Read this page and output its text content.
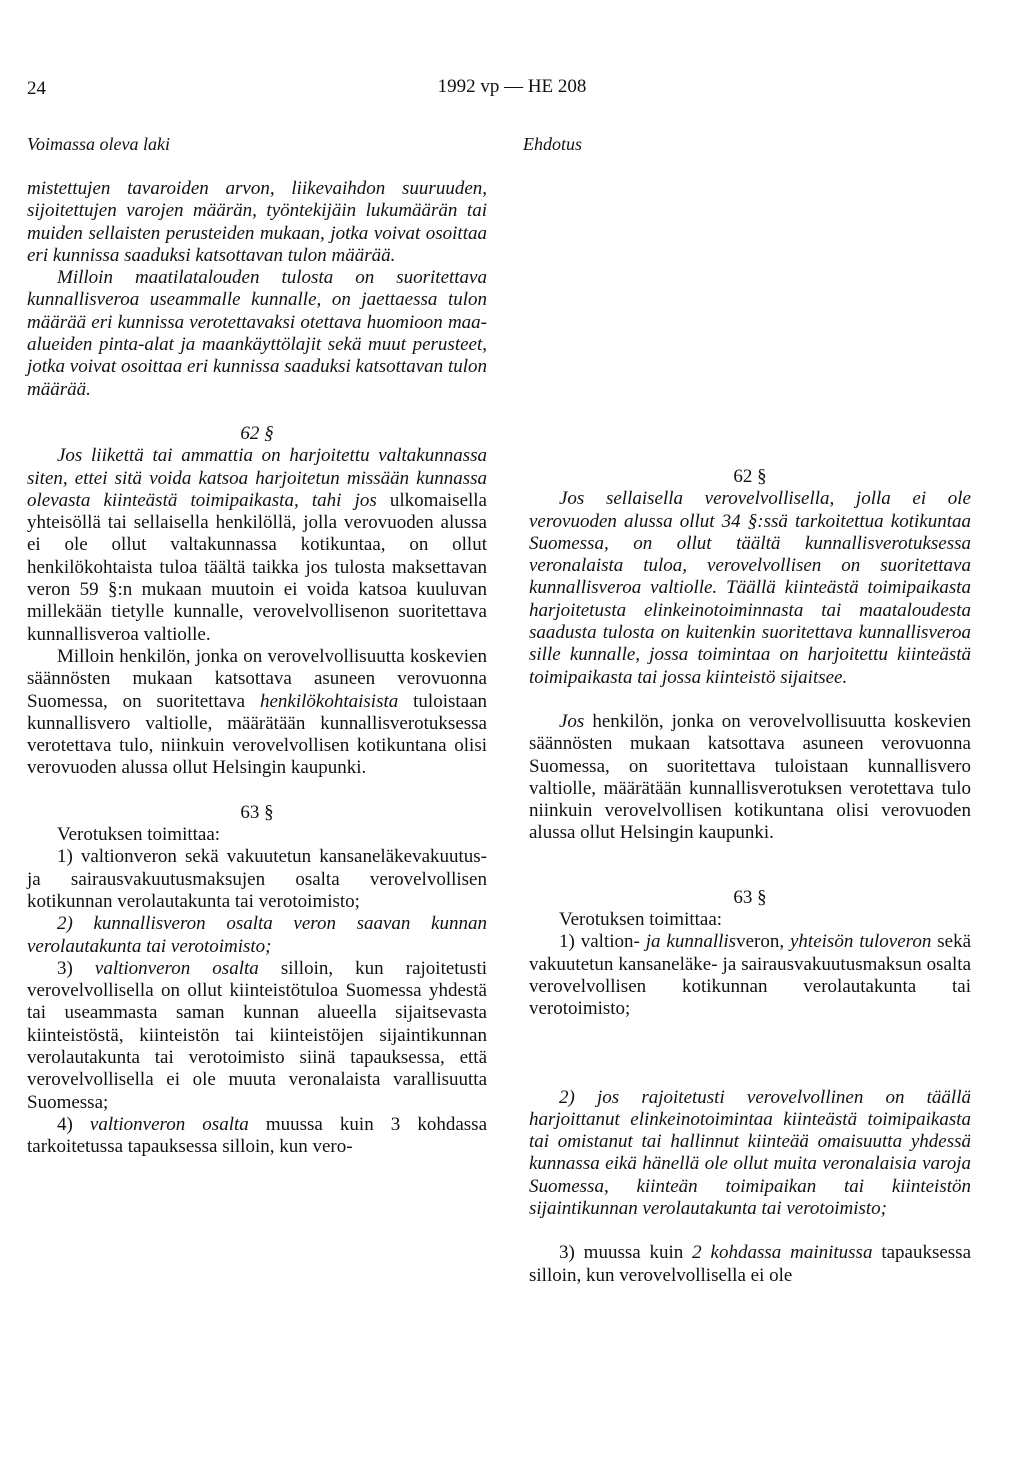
24	1992 vp — HE 208
Voimassa oleva laki	Ehdotus

mistettujen tavaroiden arvon, liikevaihdon suuruuden, sijoitettujen varojen määrän, työntekijäin lukumäärän tai muiden sellaisten perusteiden mukaan, jotka voivat osoittaa eri kunnissa saaduksi katsottavan tulon määrää.

Milloin maatilatalouden tulosta on suoritettava kunnallisveroa useammalle kunnalle, on jaettaessa tulon määrää eri kunnissa verotettavaksi otettava huomioon maa-alueiden pinta-alat ja maankäyttölajit sekä muut perusteet, jotka voivat osoittaa eri kunnissa saaduksi katsottavan tulon määrää.

62 §

Jos liikettä tai ammattia on harjoitettu valtakunnassa siten, ettei sitä voida katsoa harjoitetun missään kunnassa olevasta kiinteästä toimipaikasta, tahi jos ulkomaisella yhteisöllä tai sellaisella henkilöllä, jolla verovuoden alussa ei ole ollut valtakunnassa kotikuntaa, on ollut henkilökohtaista tuloa täältä taikka jos tulosta maksettavan veron 59 §:n mukaan muutoin ei voida katsoa kuuluvan millekään tietylle kunnalle, verovelvollisenon suoritettava kunnallisveroa valtiolle.

Milloin henkilön, jonka on verovelvollisuutta koskevien säännösten mukaan katsottava asuneen verovuonna Suomessa, on suoritettava henkilökohtaisista tuloistaan kunnallisvero valtiolle, määrätään kunnallisverotuksessa verotettava tulo, niinkuin verovelvollisen kotikuntana olisi verovuoden alussa ollut Helsingin kaupunki.

63 §

Verotuksen toimittaa:

1) valtionveron sekä vakuutetun kansaneläkevakuutus- ja sairausvakuutusmaksujen osalta verovelvollisen kotikunnan verolautakunta tai verotoimisto;

2) kunnallisveron osalta veron saavan kunnan verolautakunta tai verotoimisto;

3) valtionveron osalta silloin, kun rajoitetusti verovelvollisella on ollut kiinteistötuloa Suomessa yhdestä tai useammasta saman kunnan alueella sijaitsevasta kiinteistöstä, kiinteistön tai kiinteistöjen sijaintikunnan verolautakunta tai verotoimisto siinä tapauksessa, että verovelvollisella ei ole muuta veronalaista varallisuutta Suomessa;

4) valtionveron osalta muussa kuin 3 kohdassa tarkoitetussa tapauksessa silloin, kun vero-

62 §

Jos sellaisella verovelvollisella, jolla ei ole verovuoden alussa ollut 34 §:ssä tarkoitettua kotikuntaa Suomessa, on ollut täältä kunnallisverotuksessa veronalaista tuloa, verovelvollisen on suoritettava kunnallisveroa valtiolle. Täällä kiinteästä toimipaikasta harjoitetusta elinkeinotoiminnasta tai maataloudesta saadusta tulosta on kuitenkin suoritettava kunnallisveroa sille kunnalle, jossa toimintaa on harjoitettu kiinteästä toimipaikasta tai jossa kiinteistö sijaitsee.

Jos henkilön, jonka on verovelvollisuutta koskevien säännösten mukaan katsottava asuneen verovuonna Suomessa, on suoritettava tuloistaan kunnallisvero valtiolle, määrätään kunnallisverotuksen verotettava tulo niinkuin verovelvollisen kotikuntana olisi verovuoden alussa ollut Helsingin kaupunki.

63 §

Verotuksen toimittaa:

1) valtion- ja kunnallisveron, yhteisön tuloveron sekä vakuutetun kansaneläke- ja sairausvakuutusmaksun osalta verovelvollisen kotikunnan verolautakunta tai verotoimisto;

2) jos rajoitetusti verovelvollinen on täällä harjoittanut elinkeinotoimintaa kiinteästä toimipaikasta tai omistanut tai hallinnut kiinteää omaisuutta yhdessä kunnassa eikä hänellä ole ollut muita veronalaisia varoja Suomessa, kiinteän toimipaikan tai kiinteistön sijaintikunnan verolautakunta tai verotoimisto;

3) muussa kuin 2 kohdassa mainitussa tapauksessa silloin, kun verovelvollisella ei ole
